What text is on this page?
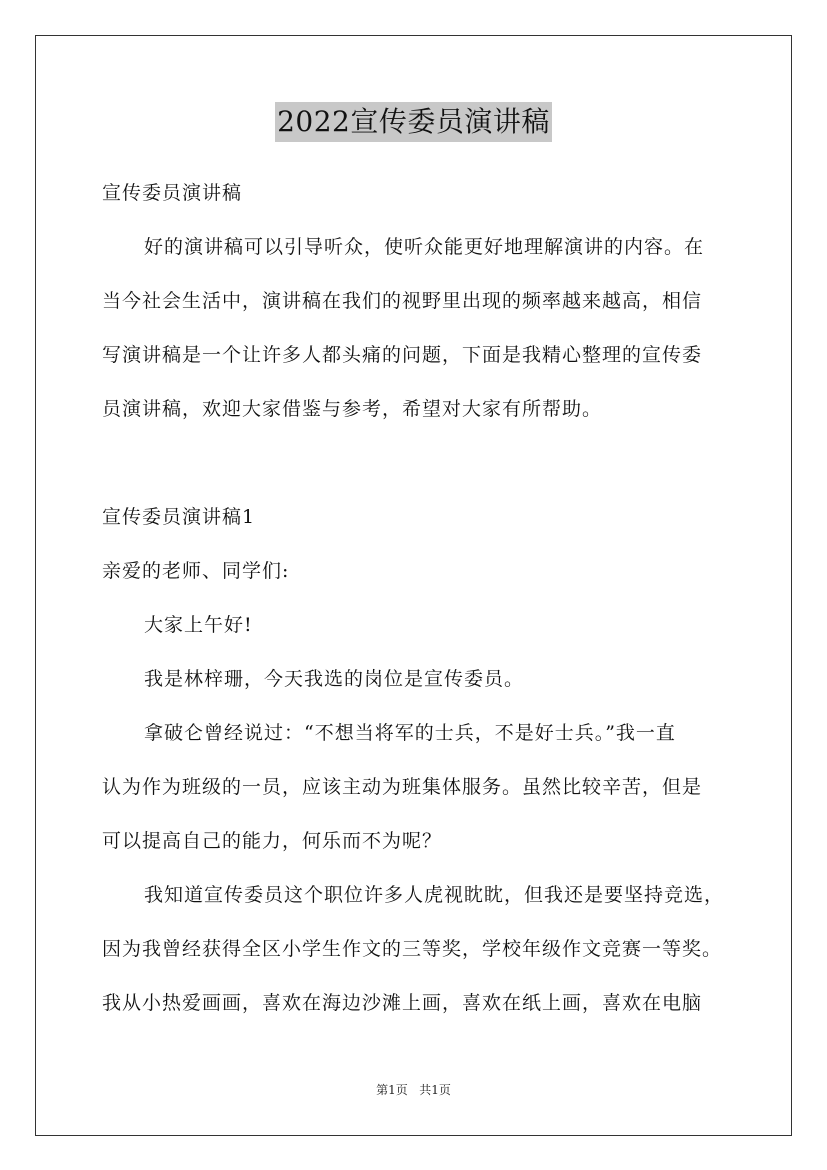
2022宣传委员演讲稿
宣传委员演讲稿
好的演讲稿可以引导听众，使听众能更好地理解演讲的内容。在
当今社会生活中，演讲稿在我们的视野里出现的频率越来越高，相信
写演讲稿是一个让许多人都头痛的问题，下面是我精心整理的宣传委
员演讲稿，欢迎大家借鉴与参考，希望对大家有所帮助。
宣传委员演讲稿1
亲爱的老师、同学们:
大家上午好!
我是林梓珊，今天我选的岗位是宣传委员。
拿破仑曾经说过：“不想当将军的士兵，不是好士兵。”我一直
认为作为班级的一员，应该主动为班集体服务。虽然比较辛苦，但是
可以提高自己的能力，何乐而不为呢？
我知道宣传委员这个职位许多人虎视眈眈，但我还是要坚持竞选，
因为我曾经获得全区小学生作文的三等奖，学校年级作文竞赛一等奖。
我从小热爱画画，喜欢在海边沙滩上画，喜欢在纸上画，喜欢在电脑
第1页   共1页
